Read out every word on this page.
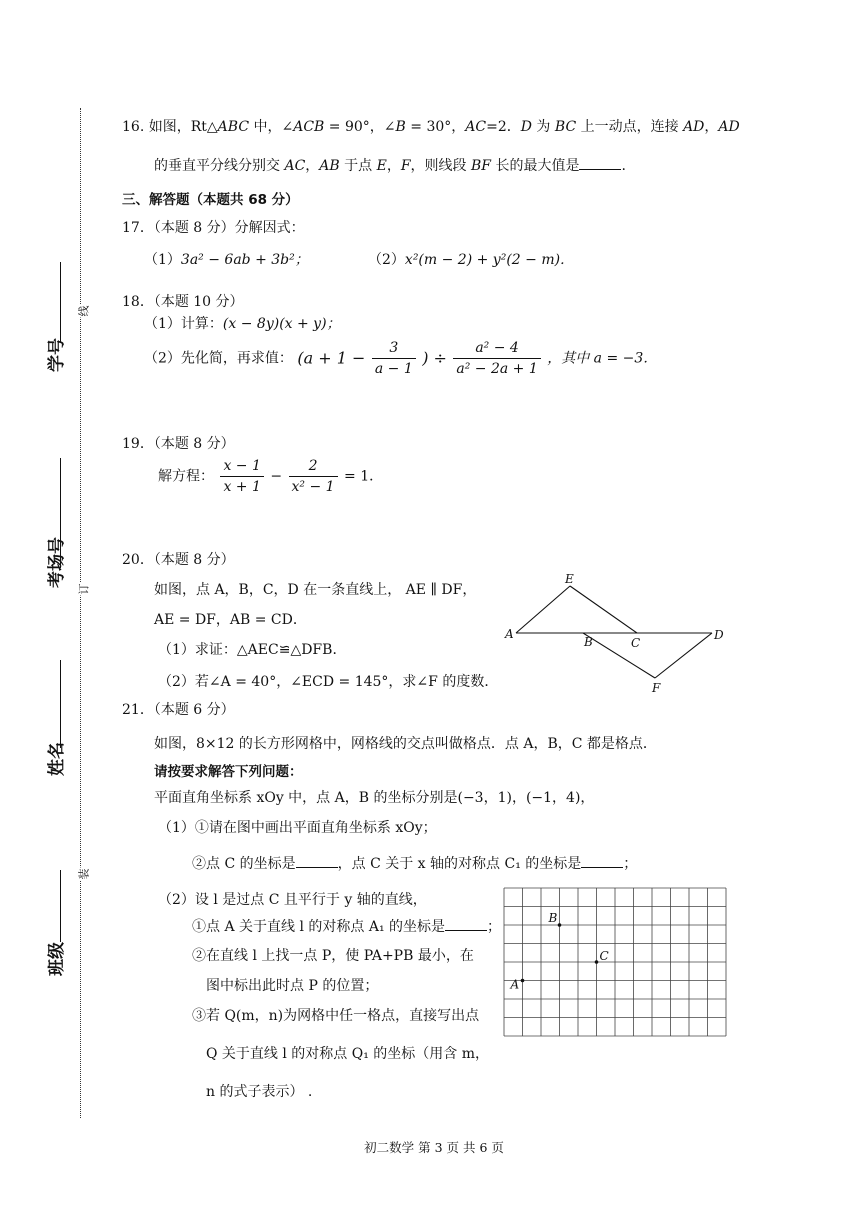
学号
考场号
姓名
班级
线
订
装
16. 如图，Rt△ABC 中，∠ACB = 90°，∠B = 30°，AC=2．D 为 BC 上一动点，连接 AD，AD
的垂直平分线分别交 AC，AB 于点 E，F，则线段 BF 长的最大值是	.
三、解答题（本题共 68 分）
17．（本题 8 分）分解因式：
（1）3a² − 6ab + 3b²；	（2）x²(m − 2) + y²(2 − m)．
18．（本题 10 分）
（1）计算：(x − 8y)(x + y)；
（2）先化简，再求值： ($a + 1 - \frac{3}{a - 1}$ ) ÷ $\frac{\text{a² − 4}}{\text{a² − 2a + 1}}$ ，其中 a = −3．
19．（本题 8 分）
解方程： $\frac{x - 1}{x + 1} - \frac{2}{\text{x² − 1}} = 1$．
20．（本题 8 分）
如图，点 A，B，C，D 在一条直线上， AE ∥ DF，
AE = DF，AB = CD．
（1）求证：△AEC≌△DFB．
（2）若∠A = 40°，∠ECD = 145°，求∠F 的度数．
A
E
B	C
D
F
21．（本题 6 分）
如图，8×12 的长方形网格中，网格线的交点叫做格点．点 A，B，C 都是格点．
请按要求解答下列问题：
平面直角坐标系 xOy 中，点 A，B 的坐标分别是(−3，1)，(−1，4)，
（1）①请在图中画出平面直角坐标系 xOy；
②点 C 的坐标是	，点 C 关于 x 轴的对称点 C₁ 的坐标是	；
（2）设 l 是过点 C 且平行于 y 轴的直线，
①点 A 关于直线 l 的对称点 A₁ 的坐标是	；
②在直线 l 上找一点 P，使 PA+PB 最小，在
图中标出此时点 P 的位置；
③若 Q(m，n)为网格中任一格点，直接写出点
Q 关于直线 l 的对称点 Q₁ 的坐标（用含 m，
n 的式子表示） .
A
B
C
初二数学 第 3 页 共 6 页
